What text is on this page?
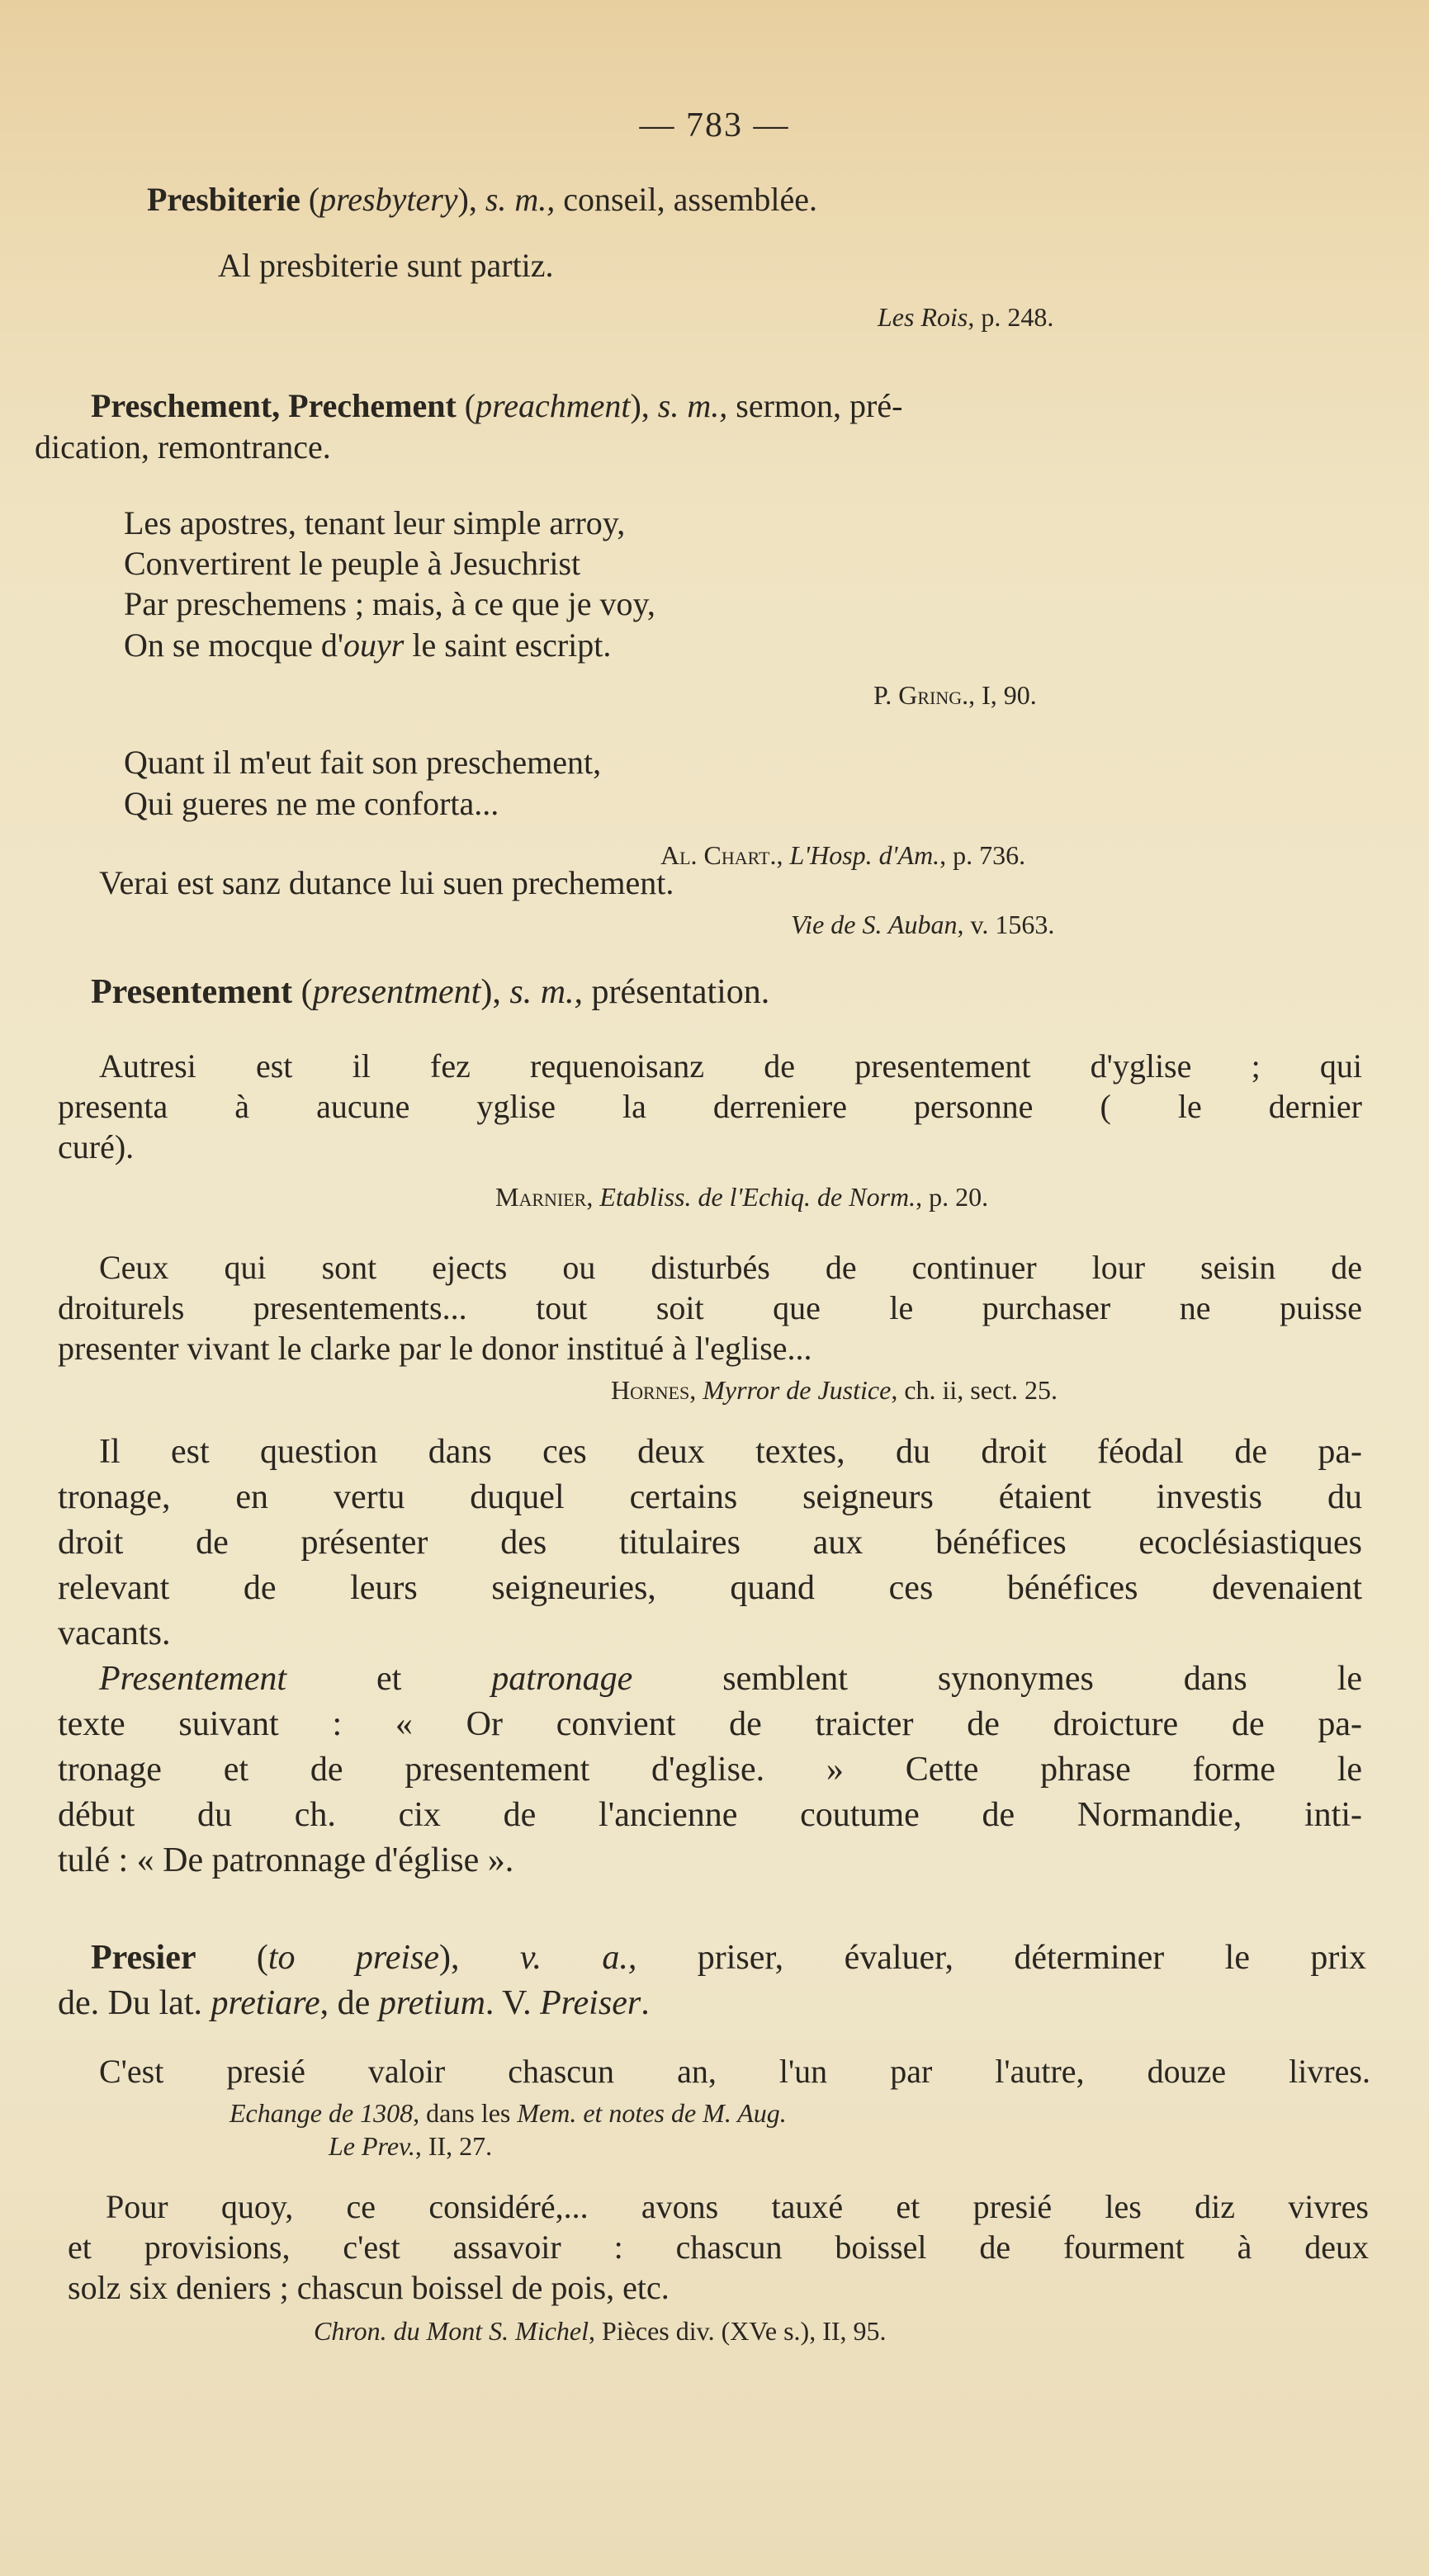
— 783 —
Presbiterie (presbytery), s. m., conseil, assemblée.
Al presbiterie sunt partiz.
Les Rois, p. 248.
Preschement, Prechement (preachment), s. m., sermon, pré-
dication, remontrance.
Les apostres, tenant leur simple arroy,
Convertirent le peuple à Jesuchrist
Par preschemens ; mais, à ce que je voy,
On se mocque d'ouyr le saint escript.
P. Gring., I, 90.
Quant il m'eut fait son preschement,
Qui gueres ne me conforta...
Al. Chart., L'Hosp. d'Am., p. 736.
Verai est sanz dutance lui suen prechement.
Vie de S. Auban, v. 1563.
Presentement (presentment), s. m., présentation.
Autresi est il fez requenoisanz de presentement d'yglise ; qui
presenta à aucune yglise la derreniere personne ( le dernier
curé).
Marnier, Etabliss. de l'Echiq. de Norm., p. 20.
Ceux qui sont ejects ou disturbés de continuer lour seisin de
droiturels presentements... tout soit que le purchaser ne puisse
presenter vivant le clarke par le donor institué à l'eglise...
Hornes, Myrror de Justice, ch. ii, sect. 25.
Il est question dans ces deux textes, du droit féodal de pa-
tronage, en vertu duquel certains seigneurs étaient investis du
droit de présenter des titulaires aux bénéfices ecoclésiastiques
relevant de leurs seigneuries, quand ces bénéfices devenaient
vacants.
Presentement et patronage semblent synonymes dans le
texte suivant : « Or convient de traicter de droicture de pa-
tronage et de presentement d'eglise. » Cette phrase forme le
début du ch. cix de l'ancienne coutume de Normandie, inti-
tulé : « De patronnage d'église ».
Presier (to preise), v. a., priser, évaluer, déterminer le prix
de. Du lat. pretiare, de pretium. V. Preiser.
C'est presié valoir chascun an, l'un par l'autre, douze livres.
Echange de 1308, dans les Mem. et notes de M. Aug.
Le Prev., II, 27.
Pour quoy, ce considéré,... avons tauxé et presié les diz vivres
et provisions, c'est assavoir : chascun boissel de fourment à deux
solz six deniers ; chascun boissel de pois, etc.
Chron. du Mont S. Michel, Pièces div. (XVe s.), II, 95.
